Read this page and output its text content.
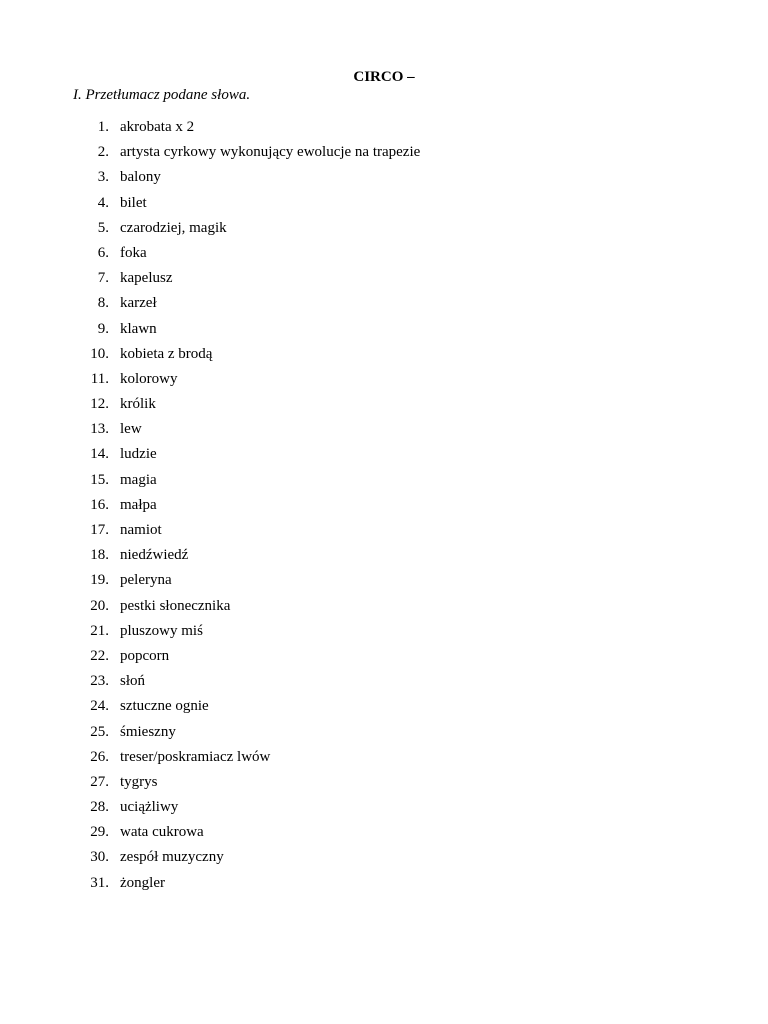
CIRCO –
I. Przetłumacz podane słowa.
1. akrobata x 2
2. artysta cyrkowy wykonujący ewolucje na trapezie
3. balony
4. bilet
5. czarodziej, magik
6. foka
7. kapelusz
8. karzeł
9. klawn
10. kobieta z brodą
11. kolorowy
12. królik
13. lew
14. ludzie
15. magia
16. małpa
17. namiot
18. niedźwiedź
19. peleryna
20. pestki słonecznika
21. pluszowy miś
22. popcorn
23. słoń
24. sztuczne ognie
25. śmieszny
26. treser/poskramiacz lwów
27. tygrys
28. uciążliwy
29. wata cukrowa
30. zespół muzyczny
31. żongler
